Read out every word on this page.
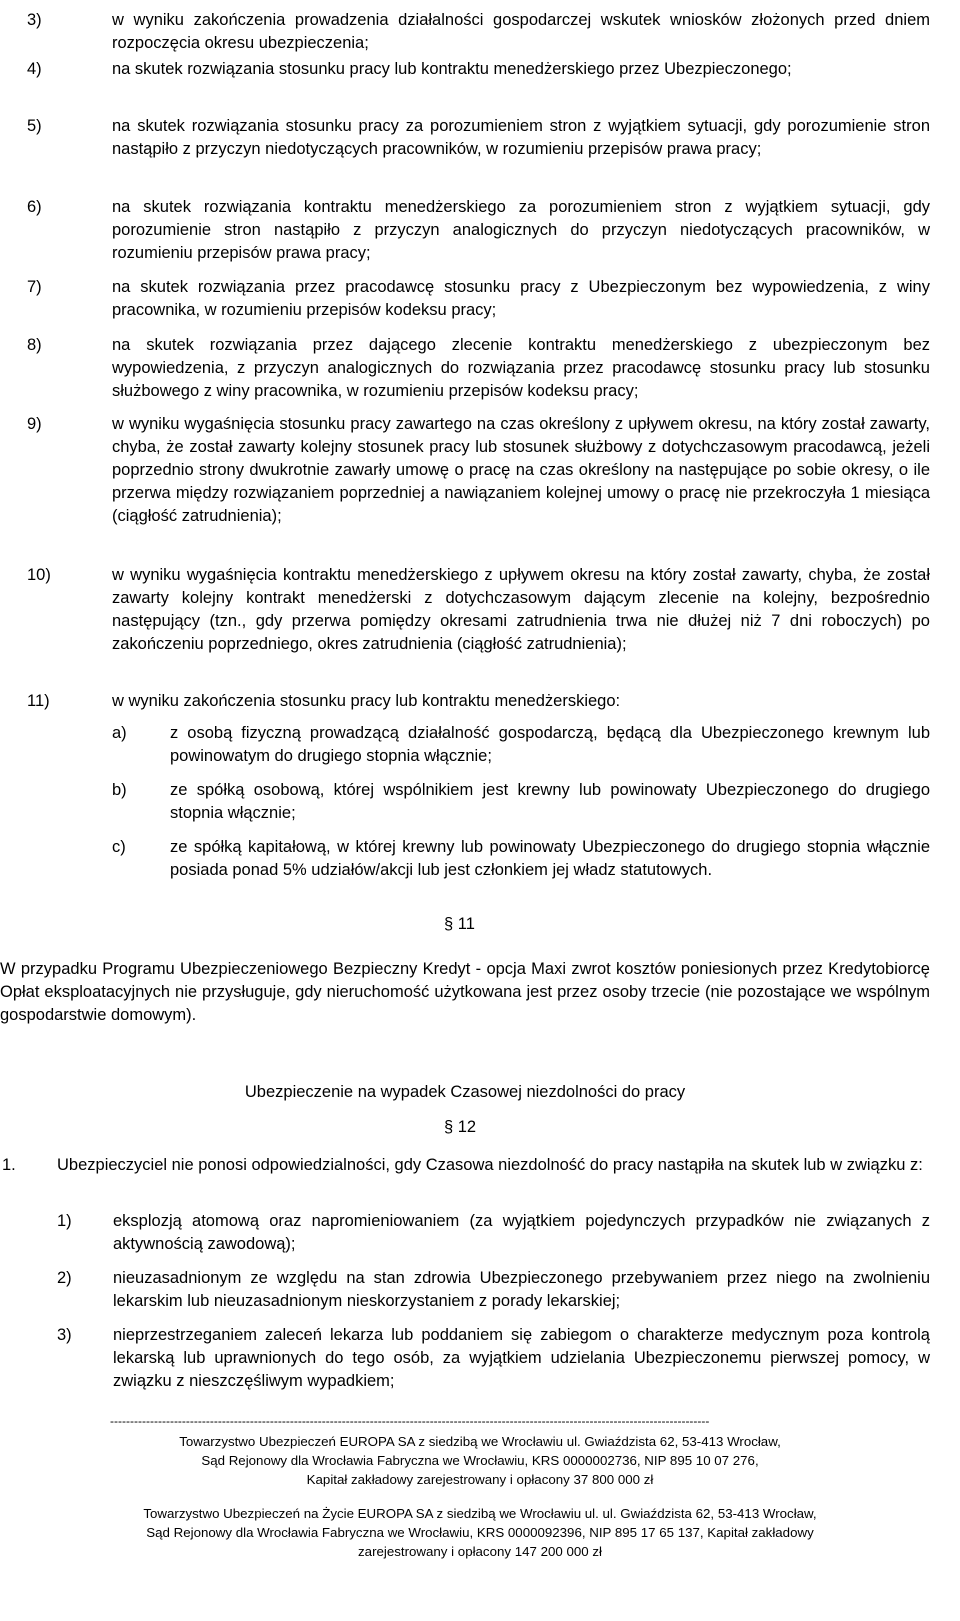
3)	w wyniku zakończenia prowadzenia działalności gospodarczej wskutek wniosków złożonych przed dniem rozpoczęcia okresu ubezpieczenia;
4)	na skutek rozwiązania stosunku pracy lub kontraktu menedżerskiego przez Ubezpieczonego;
5)	na skutek rozwiązania stosunku pracy za porozumieniem stron z wyjątkiem sytuacji, gdy porozumienie stron nastąpiło z przyczyn niedotyczących pracowników, w rozumieniu przepisów prawa pracy;
6)	na skutek rozwiązania kontraktu menedżerskiego za porozumieniem stron z wyjątkiem sytuacji, gdy porozumienie stron nastąpiło z przyczyn analogicznych do przyczyn niedotyczących pracowników, w rozumieniu przepisów prawa pracy;
7)	na skutek rozwiązania przez pracodawcę stosunku pracy z Ubezpieczonym bez wypowiedzenia, z winy pracownika, w rozumieniu przepisów kodeksu pracy;
8)	na skutek rozwiązania przez dającego zlecenie kontraktu menedżerskiego z ubezpieczonym bez wypowiedzenia, z przyczyn analogicznych do rozwiązania przez pracodawcę stosunku pracy lub stosunku służbowego z winy pracownika, w rozumieniu przepisów kodeksu pracy;
9)	w wyniku wygaśnięcia stosunku pracy zawartego na czas określony z upływem okresu, na który został zawarty, chyba, że został zawarty kolejny stosunek pracy lub stosunek służbowy z dotychczasowym pracodawcą, jeżeli poprzednio strony dwukrotnie zawarły umowę o pracę na czas określony na następujące po sobie okresy, o ile przerwa między rozwiązaniem poprzedniej a nawiązaniem kolejnej umowy o pracę nie przekroczyła 1 miesiąca (ciągłość zatrudnienia);
10)	w wyniku wygaśnięcia kontraktu menedżerskiego z upływem okresu na który został zawarty, chyba, że został zawarty kolejny kontrakt menedżerski z dotychczasowym dającym zlecenie na kolejny, bezpośrednio następujący (tzn., gdy przerwa pomiędzy okresami zatrudnienia trwa nie dłużej niż 7 dni roboczych) po zakończeniu poprzedniego, okres zatrudnienia (ciągłość zatrudnienia);
11)	w wyniku zakończenia stosunku pracy lub kontraktu menedżerskiego:
a)	z osobą fizyczną prowadzącą działalność gospodarczą, będącą dla Ubezpieczonego krewnym lub powinowatym do drugiego stopnia włącznie;
b)	ze spółką osobową, której wspólnikiem jest krewny lub powinowaty Ubezpieczonego do drugiego stopnia włącznie;
c)	ze spółką kapitałową, w której krewny lub powinowaty Ubezpieczonego do drugiego stopnia włącznie posiada ponad 5% udziałów/akcji lub jest członkiem jej władz statutowych.
§ 11
W przypadku Programu Ubezpieczeniowego Bezpieczny Kredyt - opcja Maxi zwrot kosztów poniesionych przez Kredytobiorcę Opłat eksploatacyjnych nie przysługuje, gdy nieruchomość użytkowana jest przez osoby trzecie (nie pozostające we wspólnym gospodarstwie domowym).
Ubezpieczenie na wypadek Czasowej niezdolności do pracy
§ 12
1. Ubezpieczyciel nie ponosi odpowiedzialności, gdy Czasowa niezdolność do pracy nastąpiła na skutek lub w związku z:
1)	eksplozją atomową oraz napromieniowaniem (za wyjątkiem pojedynczych przypadków nie związanych z aktywnością zawodową);
2)	nieuzasadnionym ze względu na stan zdrowia Ubezpieczonego przebywaniem przez niego na zwolnieniu lekarskim lub nieuzasadnionym nieskorzystaniem z porady lekarskiej;
3)	nieprzestrzeganiem zaleceń lekarza lub poddaniem się zabiegom o charakterze medycznym poza kontrolą lekarską lub uprawnionych do tego osób, za wyjątkiem udzielania Ubezpieczonemu pierwszej pomocy, w związku z nieszczęśliwym wypadkiem;
------------------------------------------------------------------------------------------------------------------------------------------------------
Towarzystwo Ubezpieczeń EUROPA SA z siedzibą we Wrocławiu ul. Gwiaździsta 62, 53-413 Wrocław,
Sąd Rejonowy dla Wrocławia Fabryczna we Wrocławiu, KRS 0000002736, NIP 895 10 07 276,
Kapitał zakładowy zarejestrowany i opłacony 37 800 000 zł
Towarzystwo Ubezpieczeń na Życie EUROPA SA z siedzibą we Wrocławiu ul. ul. Gwiaździsta 62, 53-413 Wrocław,
Sąd Rejonowy dla Wrocławia Fabryczna we Wrocławiu, KRS 0000092396, NIP 895 17 65 137, Kapitał zakładowy
zarejestrowany i opłacony 147 200 000 zł
